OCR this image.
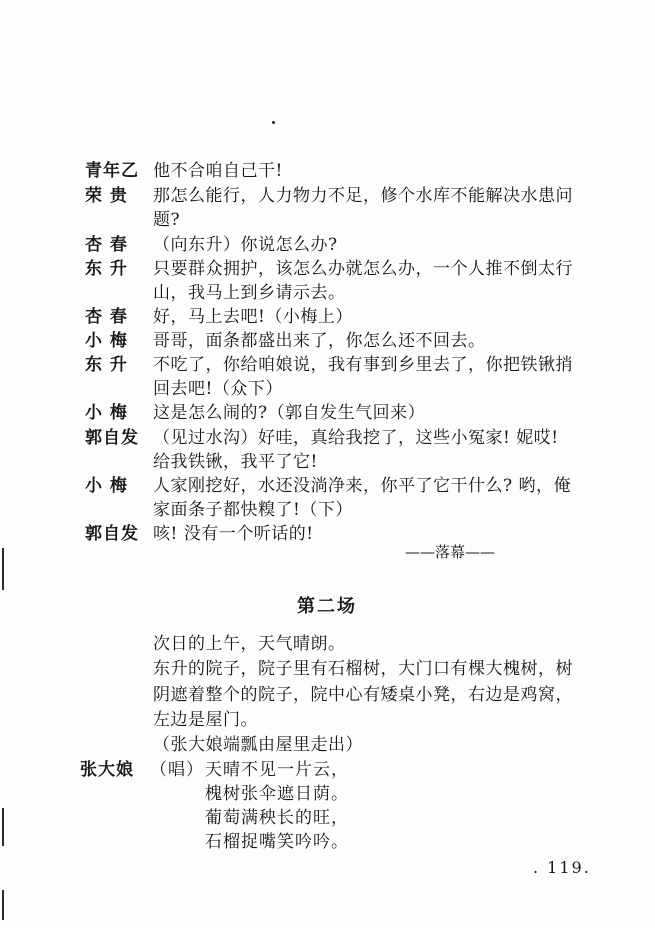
青年乙 他不合咱自己干!
荣 贵 那怎么能行，人力物力不足，修个水库不能解决水患问
题?
杏 春 （向东升）你说怎么办?
东 升 只要群众拥护，该怎么办就怎么办，一个人推不倒太行
山，我马上到乡请示去。
杏 春 好，马上去吧!（小梅上）
小 梅 哥哥，面条都盛出来了，你怎么还不回去。
东 升 不吃了，你给咱娘说，我有事到乡里去了，你把铁锹捎
回去吧!（众下）
小 梅 这是怎么闹的?（郭自发生气回来）
郭自发 （见过水沟）好哇，真给我挖了，这些小冤家! 妮哎!
给我铁锹，我平了它!
小 梅 人家刚挖好，水还没淌净来，你平了它干什么? 哟，俺
家面条子都快糗了!（下）
郭自发 咳! 没有一个听话的!
——落幕——
第二场
次日的上午，天气晴朗。
东升的院子，院子里有石榴树，大门口有棵大槐树，树
阴遮着整个的院子，院中心有矮桌小凳，右边是鸡窝，
左边是屋门。
（张大娘端瓢由屋里走出）
张大娘 （唱） 天晴不见一片云，
槐树张伞遮日荫。
葡萄满秧长的旺，
石榴捉嘴笑吟吟。
. 119.
